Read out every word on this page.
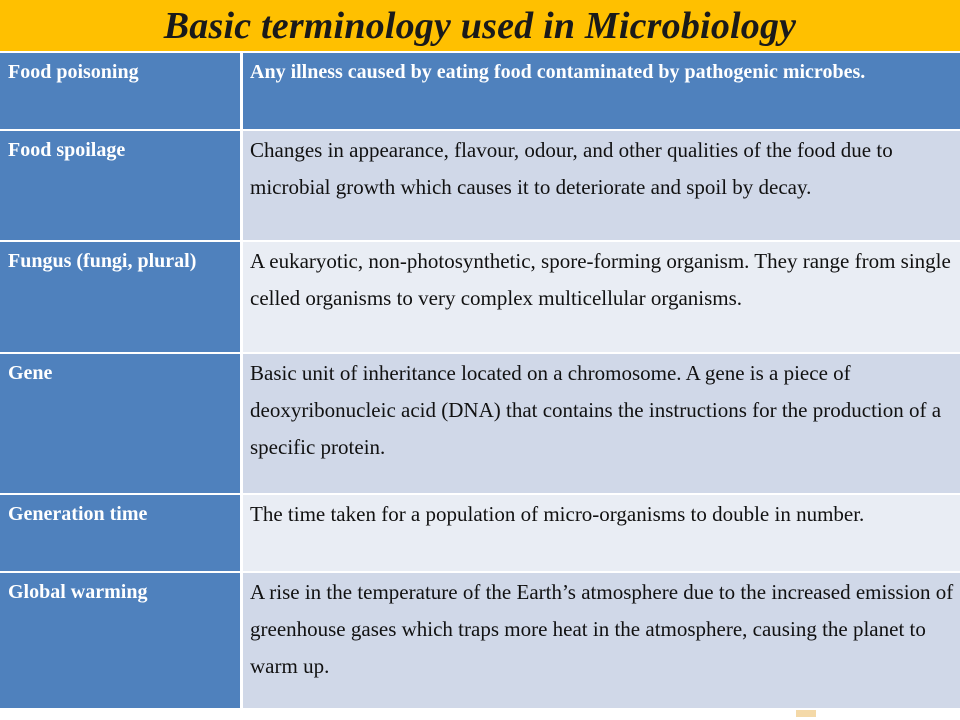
Basic terminology used in Microbiology
Food poisoning	Any illness caused by eating food contaminated by pathogenic microbes.
Food spoilage	Changes in appearance, flavour, odour, and other qualities of the food due to microbial growth which causes it to deteriorate and spoil by decay.
Fungus (fungi, plural)	A eukaryotic, non-photosynthetic, spore-forming organism. They range from single celled organisms to very complex multicellular organisms.
Gene	Basic unit of inheritance located on a chromosome. A gene is a piece of deoxyribonucleic acid (DNA) that contains the instructions for the production of a specific protein.
Generation time	The time taken for a population of micro-organisms to double in number.
Global warming	A rise in the temperature of the Earth’s atmosphere due to the increased emission of greenhouse gases which traps more heat in the atmosphere, causing the planet to warm up.
